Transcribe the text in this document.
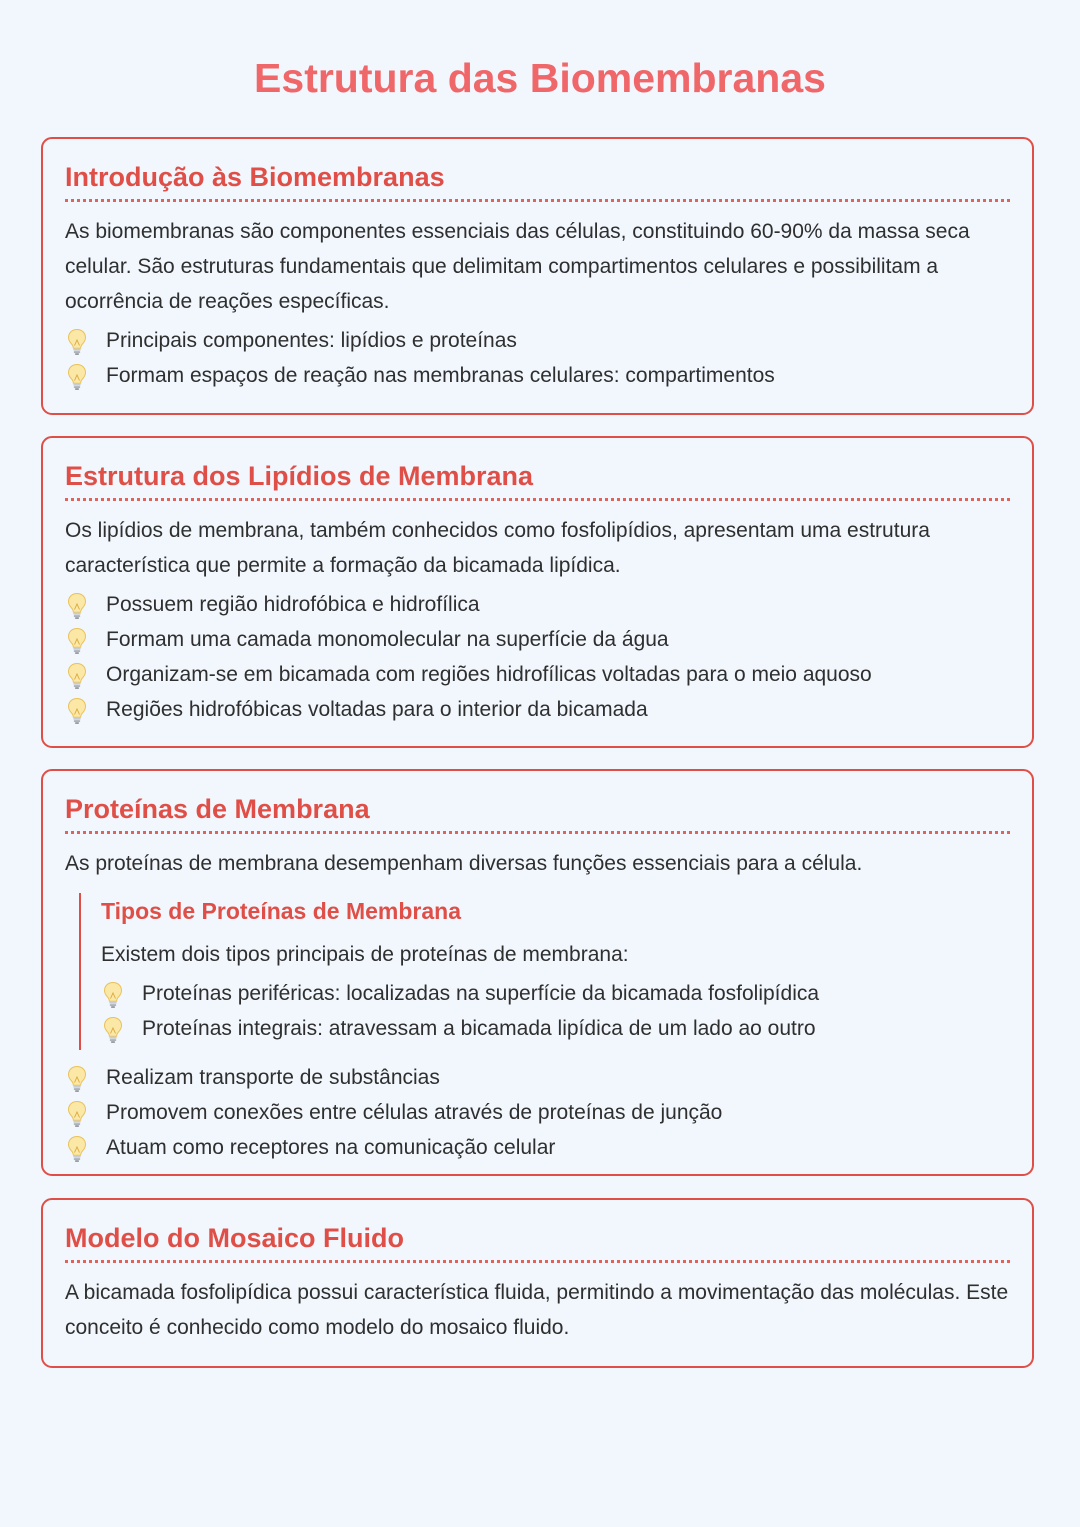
Estrutura das Biomembranas
Introdução às Biomembranas

As biomembranas são componentes essenciais das células, constituindo 60-90% da massa seca celular. São estruturas fundamentais que delimitam compartimentos celulares e possibilitam a ocorrência de reações específicas.

Principais componentes: lipídios e proteínas
Formam espaços de reação nas membranas celulares: compartimentos
Estrutura dos Lipídios de Membrana

Os lipídios de membrana, também conhecidos como fosfolipídios, apresentam uma estrutura característica que permite a formação da bicamada lipídica.

Possuem região hidrofóbica e hidrofílica
Formam uma camada monomolecular na superfície da água
Organizam-se em bicamada com regiões hidrofílicas voltadas para o meio aquoso
Regiões hidrofóbicas voltadas para o interior da bicamada
Proteínas de Membrana

As proteínas de membrana desempenham diversas funções essenciais para a célula.

Tipos de Proteínas de Membrana

Existem dois tipos principais de proteínas de membrana:

Proteínas periféricas: localizadas na superfície da bicamada fosfolipídica
Proteínas integrais: atravessam a bicamada lipídica de um lado ao outro
Realizam transporte de substâncias
Promovem conexões entre células através de proteínas de junção
Atuam como receptores na comunicação celular
Modelo do Mosaico Fluido

A bicamada fosfolipídica possui característica fluida, permitindo a movimentação das moléculas. Este conceito é conhecido como modelo do mosaico fluido.
